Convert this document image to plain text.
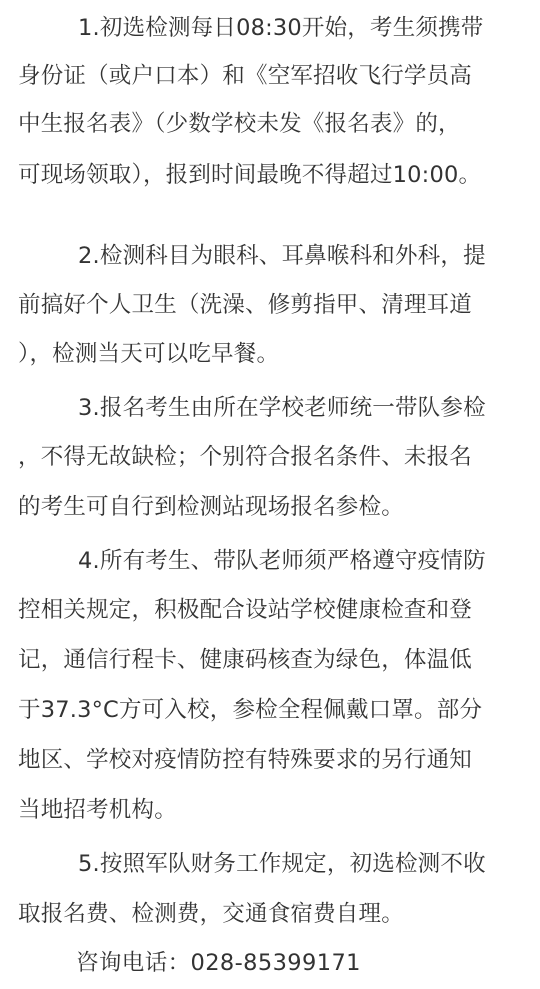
1.初选检测每日08:30开始，考生须携带
身份证（或户口本）和《空军招收飞行学员高
中生报名表》（少数学校未发《报名表》的，
可现场领取），报到时间最晚不得超过10:00。
2.检测科目为眼科、耳鼻喉科和外科，提
前搞好个人卫生（洗澡、修剪指甲、清理耳道
），检测当天可以吃早餐。
3.报名考生由所在学校老师统一带队参检
，不得无故缺检；个别符合报名条件、未报名
的考生可自行到检测站现场报名参检。
4.所有考生、带队老师须严格遵守疫情防
控相关规定，积极配合设站学校健康检查和登
记，通信行程卡、健康码核查为绿色，体温低
于37.3°C方可入校，参检全程佩戴口罩。部分
地区、学校对疫情防控有特殊要求的另行通知
当地招考机构。
5.按照军队财务工作规定，初选检测不收
取报名费、检测费，交通食宿费自理。
咨询电话：028-85399171
